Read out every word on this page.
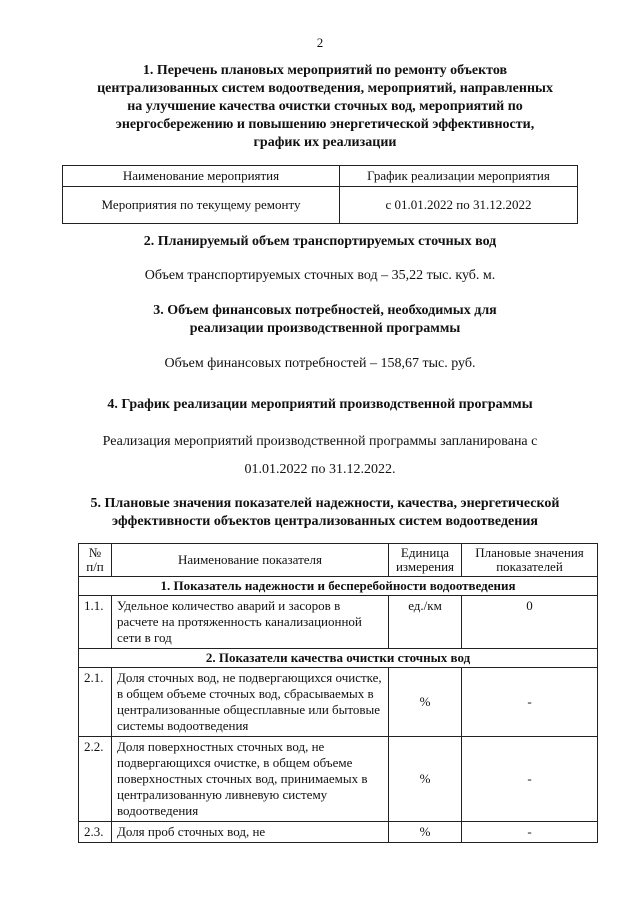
2
1. Перечень плановых мероприятий по ремонту объектов централизованных систем водоотведения, мероприятий, направленных на улучшение качества очистки сточных вод, мероприятий по энергосбережению и повышению энергетической эффективности, график их реализации
Наименование мероприятия	График реализации мероприятия
Мероприятия по текущему ремонту	с 01.01.2022 по 31.12.2022
2. Планируемый объем транспортируемых сточных вод
Объем транспортируемых сточных вод – 35,22 тыс. куб. м.
3. Объем финансовых потребностей, необходимых для реализации производственной программы
Объем финансовых потребностей – 158,67 тыс. руб.
4. График реализации мероприятий производственной программы
Реализация мероприятий производственной программы запланирована с 01.01.2022 по 31.12.2022.
5. Плановые значения показателей надежности, качества, энергетической эффективности объектов централизованных систем водоотведения
№ п/п	Наименование показателя	Единица измерения	Плановые значения показателей
1. Показатель надежности и бесперебойности водоотведения			
1.1.	Удельное количество аварий и засоров в расчете на протяженность канализационной сети в год	ед./км	0
2. Показатели качества очистки сточных вод			
2.1.	Доля сточных вод, не подвергающихся очистке, в общем объеме сточных вод, сбрасываемых в централизованные общесплавные или бытовые системы водоотведения	%	-
2.2.	Доля поверхностных сточных вод, не подвергающихся очистке, в общем объеме поверхностных сточных вод, принимаемых в централизованную ливневую систему водоотведения	%	-
2.3.	Доля проб сточных вод, не	%	-
